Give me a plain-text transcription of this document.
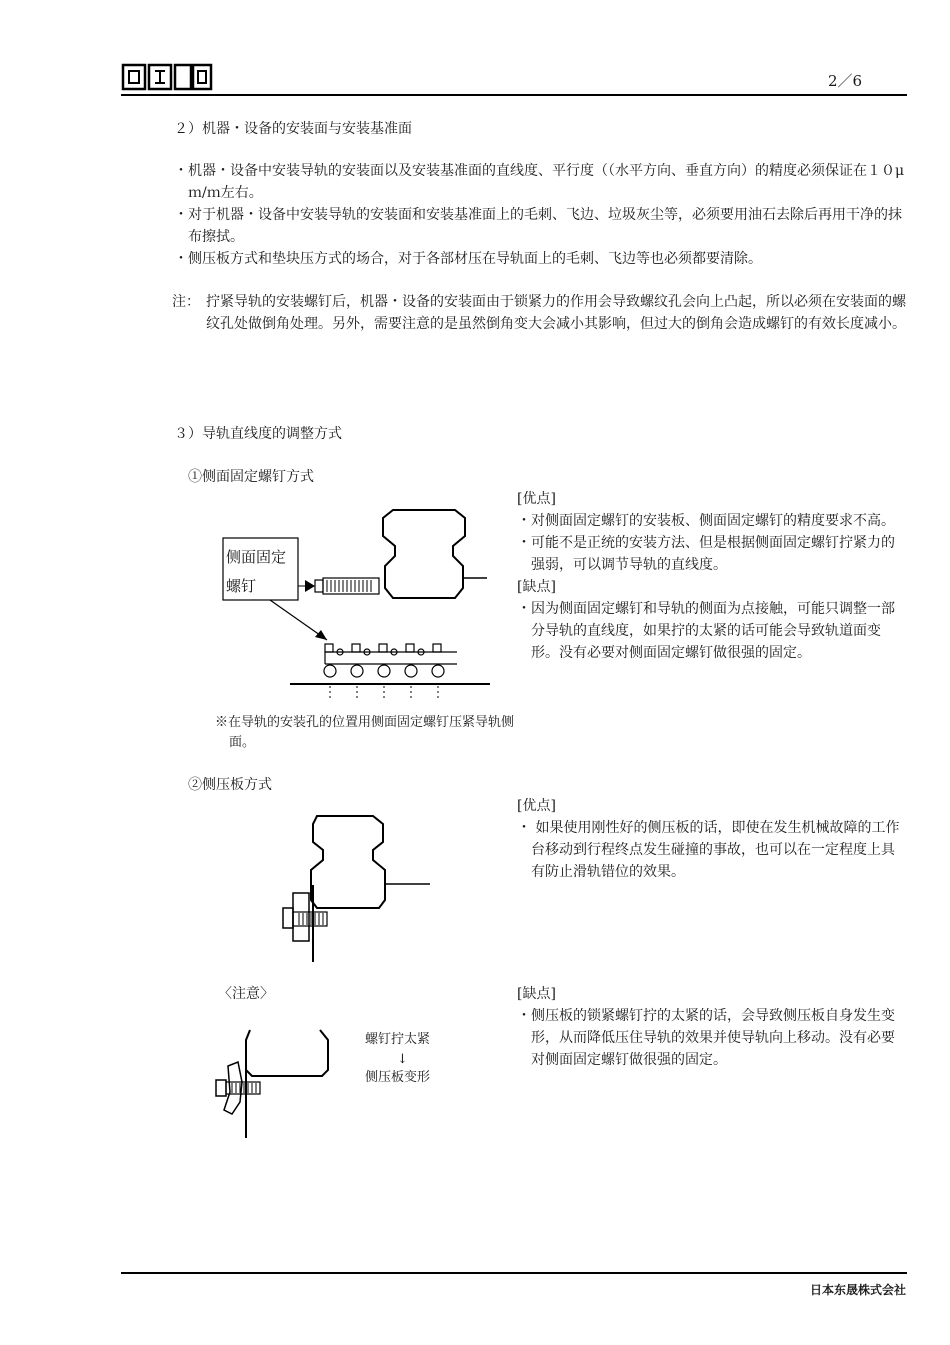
2／6
２）机器・设备的安装面与安装基准面
・机器・设备中安装导轨的安装面以及安装基准面的直线度、平行度（（水平方向、垂直方向）的精度必须保证在１０μｍ/ｍ左右。
・对于机器・设备中安装导轨的安装面和安装基准面上的毛刺、飞边、垃圾灰尘等，必须要用油石去除后再用干净的抹布擦拭。
・侧压板方式和垫块压方式的场合，对于各部材压在导轨面上的毛刺、飞边等也必须都要清除。
注： 拧紧导轨的安装螺钉后，机器・设备的安装面由于锁紧力的作用会导致螺纹孔会向上凸起，所以必须在安装面的螺纹孔处做倒角处理。另外，需要注意的是虽然倒角变大会减小其影响，但过大的倒角会造成螺钉的有效长度减小。
３）导轨直线度的调整方式
①侧面固定螺钉方式
侧面固定螺钉
※在导轨的安装孔的位置用侧面固定螺钉压紧导轨侧面。
[优点]
・对侧面固定螺钉的安装板、侧面固定螺钉的精度要求不高。
・可能不是正统的安装方法、但是根据侧面固定螺钉拧紧力的强弱，可以调节导轨的直线度。
[缺点]
・因为侧面固定螺钉和导轨的侧面为点接触，可能只调整一部分导轨的直线度，如果拧的太紧的话可能会导致轨道面变形。没有必要对侧面固定螺钉做很强的固定。
②侧压板方式
[优点]
・ 如果使用刚性好的侧压板的话，即使在发生机械故障的工作台移动到行程终点发生碰撞的事故，也可以在一定程度上具有防止滑轨错位的效果。
〈注意〉
螺钉拧太紧
↓
侧压板变形
[缺点]
・侧压板的锁紧螺钉拧的太紧的话，会导致侧压板自身发生变形，从而降低压住导轨的效果并使导轨向上移动。没有必要对侧面固定螺钉做很强的固定。
日本东晟株式会社
